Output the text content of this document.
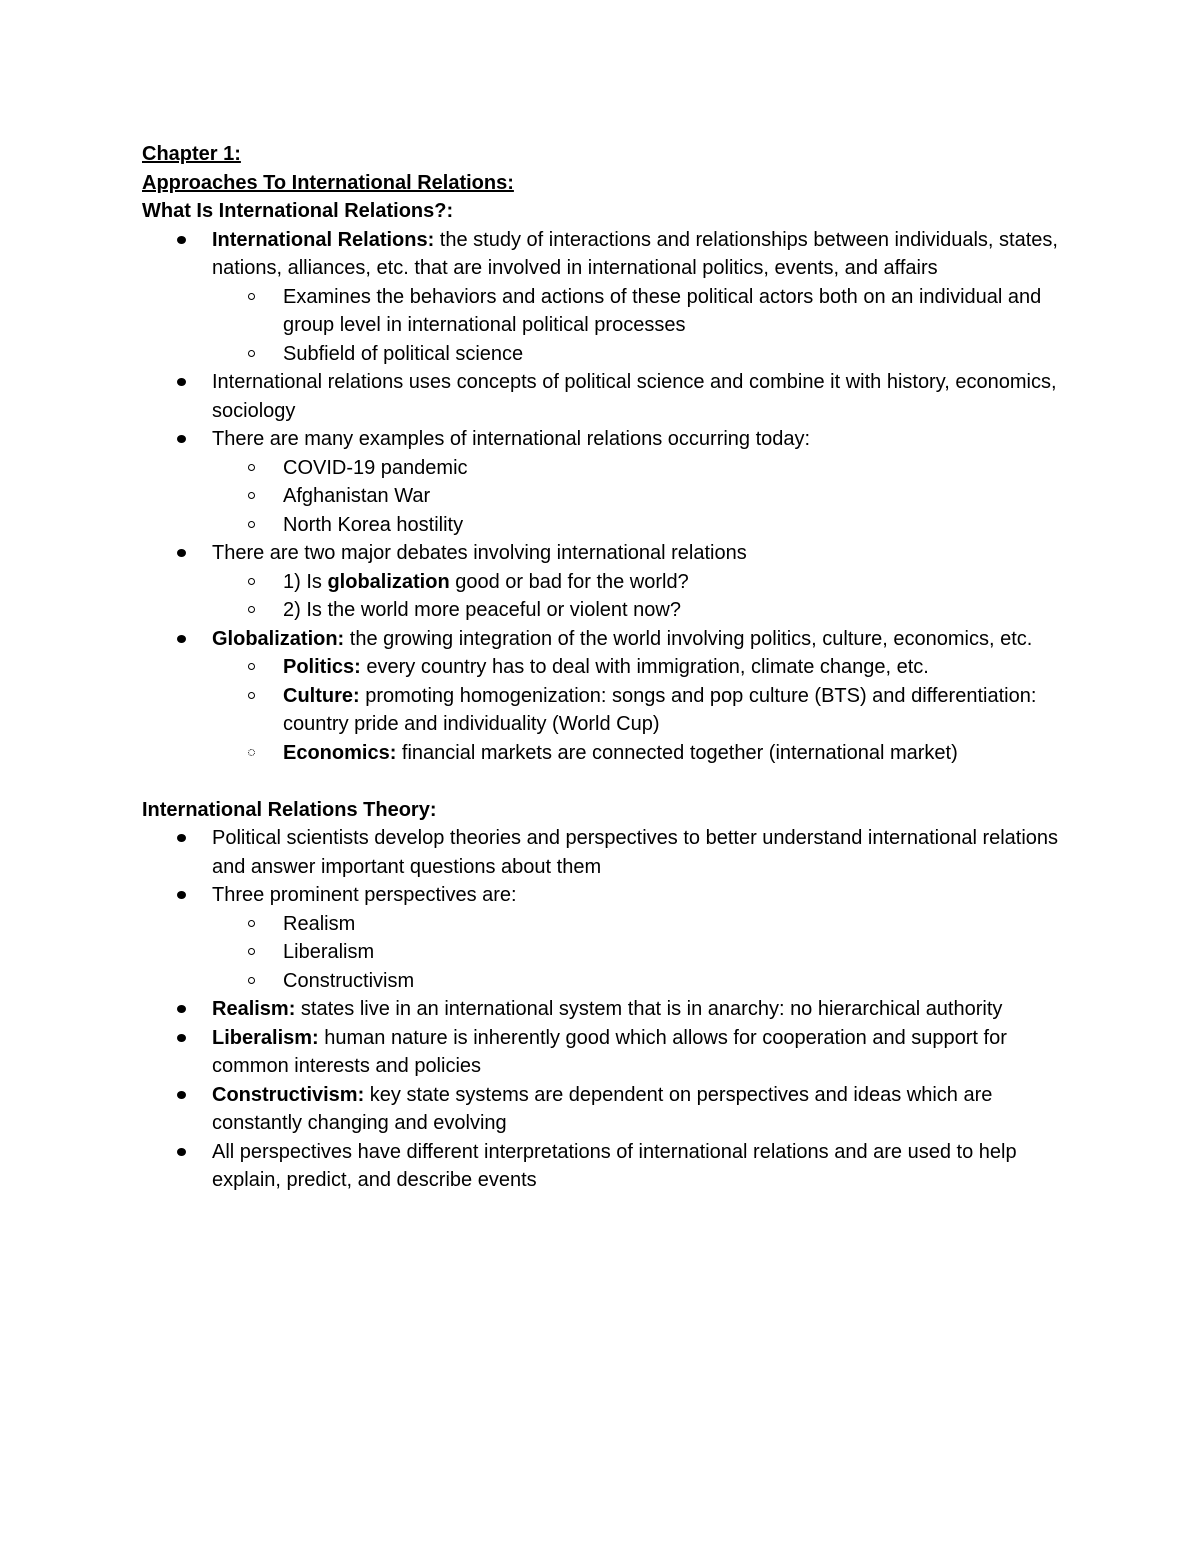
Chapter 1:
Approaches To International Relations:
What Is International Relations?:
International Relations: the study of interactions and relationships between individuals, states, nations, alliances, etc. that are involved in international politics, events, and affairs
Examines the behaviors and actions of these political actors both on an individual and group level in international political processes
Subfield of political science
International relations uses concepts of political science and combine it with history, economics, sociology
There are many examples of international relations occurring today:
COVID-19 pandemic
Afghanistan War
North Korea hostility
There are two major debates involving international relations
1) Is globalization good or bad for the world?
2) Is the world more peaceful or violent now?
Globalization: the growing integration of the world involving politics, culture, economics, etc.
Politics: every country has to deal with immigration, climate change, etc.
Culture: promoting homogenization: songs and pop culture (BTS) and differentiation: country pride and individuality (World Cup)
Economics: financial markets are connected together (international market)
International Relations Theory:
Political scientists develop theories and perspectives to better understand international relations and answer important questions about them
Three prominent perspectives are:
Realism
Liberalism
Constructivism
Realism: states live in an international system that is in anarchy: no hierarchical authority
Liberalism: human nature is inherently good which allows for cooperation and support for common interests and policies
Constructivism: key state systems are dependent on perspectives and ideas which are constantly changing and evolving
All perspectives have different interpretations of international relations and are used to help explain, predict, and describe events
